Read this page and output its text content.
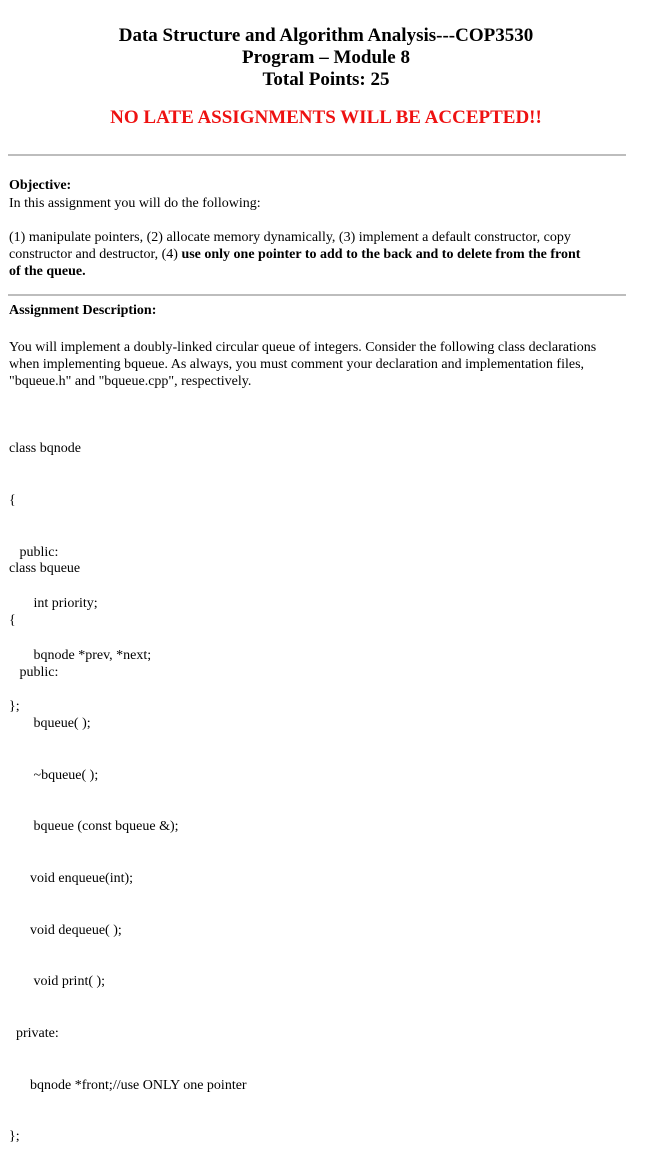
Data Structure and Algorithm Analysis---COP3530
Program – Module 8
Total Points: 25
NO LATE ASSIGNMENTS WILL BE ACCEPTED!!
Objective:
In this assignment you will do the following:
(1) manipulate pointers, (2) allocate memory dynamically, (3) implement a default constructor, copy
constructor and destructor, (4) use only one pointer to add to the back and to delete from the front
of the queue.
Assignment Description:
You will implement a doubly-linked circular queue of integers. Consider the following class declarations
when implementing bqueue. As always, you must comment your declaration and implementation files,
"bqueue.h" and "bqueue.cpp", respectively.

class bqnode

{

public:

int priority;

bqnode *prev, *next;

};

class bqueue

{

public:

bqueue( );

~bqueue( );

bqueue (const bqueue &);

void enqueue(int);

void dequeue( );

void print( );

private:

bqnode *front;//use ONLY one pointer

};
